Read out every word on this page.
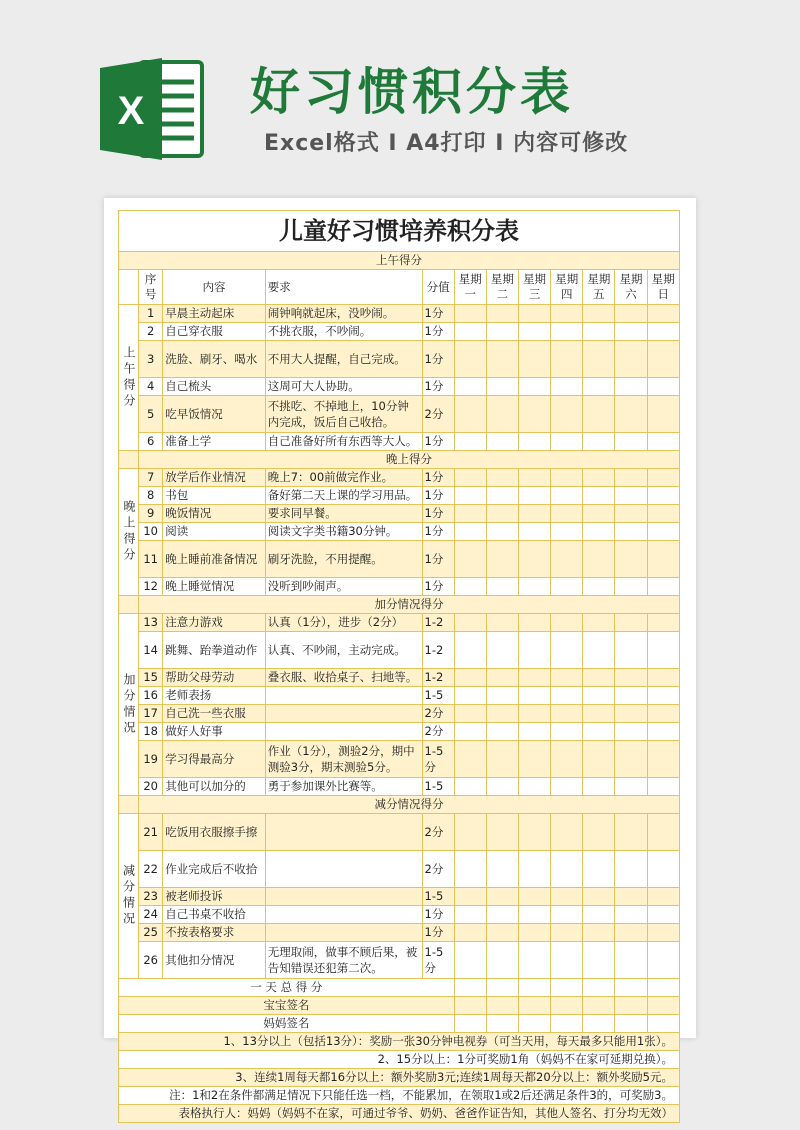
X 好习惯积分表
Excel格式 Ⅰ A4打印 Ⅰ 内容可修改
儿童好习惯培养积分表											
上午得分											
	序号	内容	要求	分值	星期一	星期二	星期三	星期四	星期五	星期六	星期日
上午得分	1	早晨主动起床	闹钟响就起床，没吵闹。	1分							
	2	自己穿衣服	不挑衣服，不吵闹。	1分							
	3	洗脸、刷牙、喝水	不用大人提醒，自己完成。	1分							
	4	自己梳头	这周可大人协助。	1分							
	5	吃早饭情况	不挑吃、不掉地上，10分钟内完成，饭后自己收拾。	2分							
	6	准备上学	自己准备好所有东西等大人。	1分							
	晚上得分										
晚上得分	7	放学后作业情况	晚上7：00前做完作业。	1分							
	8	书包	备好第二天上课的学习用品。	1分							
	9	晚饭情况	要求同早餐。	1分							
	10	阅读	阅读文字类书籍30分钟。	1分							
	11	晚上睡前准备情况	刷牙洗脸，不用提醒。	1分							
	12	晚上睡觉情况	没听到吵闹声。	1分							
	加分情况得分										
加分情况	13	注意力游戏	认真（1分），进步（2分）	1-2							
	14	跳舞、跆拳道动作	认真、不吵闹，主动完成。	1-2							
	15	帮助父母劳动	叠衣服、收拾桌子、扫地等。	1-2							
	16	老师表扬		1-5							
	17	自己洗一些衣服		2分							
	18	做好人好事		2分							
	19	学习得最高分	作业（1分），测验2分，期中测验3分，期末测验5分。	1-5分							
	20	其他可以加分的	勇于参加课外比赛等。	1-5							
	减分情况得分										
减分情况	21	吃饭用衣服擦手擦		2分							
	22	作业完成后不收拾		2分							
	23	被老师投诉		1-5							
	24	自己书桌不收拾		1分							
	25	不按表格要求		1分							
	26	其他扣分情况	无理取闹，做事不顾后果，被告知错误还犯第二次。	1-5分							
一 天 总 得 分											
宝宝签名											
妈妈签名											
1、13分以上（包括13分）：奖励一张30分钟电视券（可当天用，每天最多只能用1张）。											
2、15分以上：1分可奖励1角（妈妈不在家可延期兑换）。											
3、连续1周每天都16分以上：额外奖励3元;连续1周每天都20分以上：额外奖励5元。											
注：1和2在条件都满足情况下只能任选一档，不能累加，在领取1或2后还满足条件3的，可奖励3。											
表格执行人：妈妈（妈妈不在家，可通过爷爷、奶奶、爸爸作证告知，其他人签名、打分均无效）											
